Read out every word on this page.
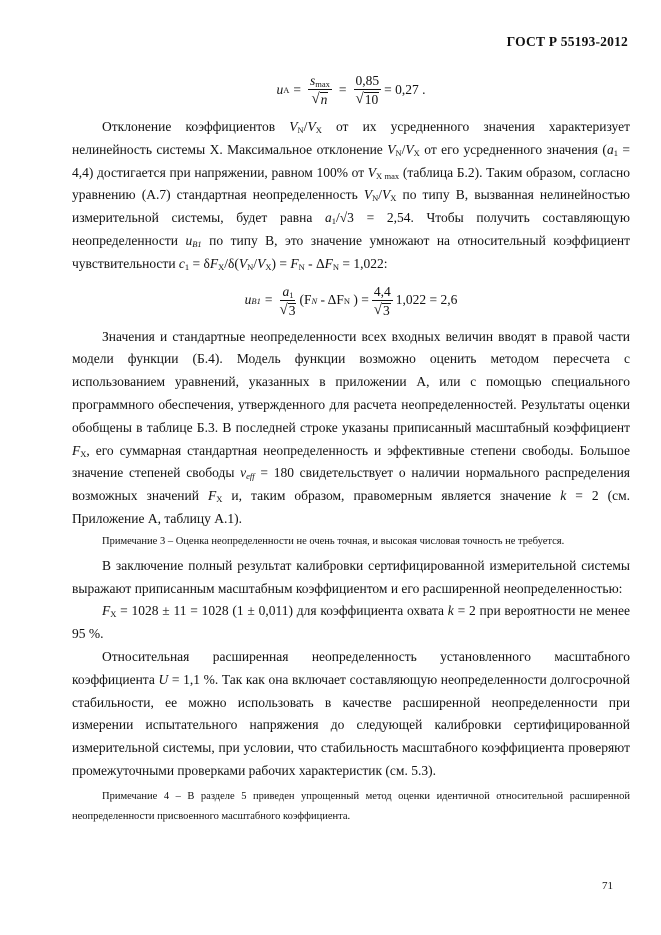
ГОСТ Р 55193-2012
u $A = \frac{s_{max}}{√ n} = \frac{0,85}{√ 10} = 0,27$ .

Отклонение коэффициентов $V_N/V_X$ от их усредненного значения характеризует нелинейность системы X. Максимальное отклонение $V_N/V_X$ от его усредненного значения $(a_1 = 4,4)$ достигается при напряжении, равном 100% от $V_{X max}$ (таблица Б.2). Таким образом, согласно уравнению (А.7) стандартная неопределенность $V_N/V_X$ по типу В, вызванная нелинейностью измерительной системы, будет равна $a_1/√3 = 2,54$. Чтобы получить составляющую неопределенности $u_{B1}$ по типу В, это значение умножают на относительный коэффициент чувствительности $c_1 = \delta F_X/\delta(V_N/V_X) = F_N - \Delta F_N = 1,022$:

u $B1 = \frac{a_1}{√ 3} (F$ N - ΔF N ) = $\frac{4,4}{√ 3} 1,022 = 2,6$

Значения и стандартные неопределенности всех входных величин вводят в правой части модели функции (Б.4). Модель функции возможно оценить методом пересчета с использованием уравнений, указанных в приложении А, или с помощью специального программного обеспечения, утвержденного для расчета неопределенностей. Результаты оценки обобщены в таблице Б.3. В последней строке указаны приписанный масштабный коэффициент $F_X$, его суммарная стандартная неопределенность и эффективные степени свободы. Большое значение степеней свободы $v_{eff} = 180$ свидетельствует о наличии нормального распределения возможных значений $F_X$ и, таким образом, правомерным является значение k = 2 (см. Приложение А, таблицу А.1).

Примечание 3 – Оценка неопределенности не очень точная, и высокая числовая точность не требуется.

В заключение полный результат калибровки сертифицированной измерительной системы выражают приписанным масштабным коэффициентом и его расширенной неопределенностью:

$F_X = 1028 \pm 11 = 1028$ (1 ± 0,011) для коэффициента охвата k = 2 при вероятности не менее 95 %.

Относительная расширенная неопределенность установленного масштабного коэффициента U = 1,1 %. Так как она включает составляющую неопределенности долгосрочной стабильности, ее можно использовать в качестве расширенной неопределенности при измерении испытательного напряжения до следующей калибровки сертифицированной измерительной системы, при условии, что стабильность масштабного коэффициента проверяют промежуточными проверками рабочих характеристик (см. 5.3).

Примечание 4 – В разделе 5 приведен упрощенный метод оценки идентичной относительной расширенной неопределенности присвоенного масштабного коэффициента.

71
